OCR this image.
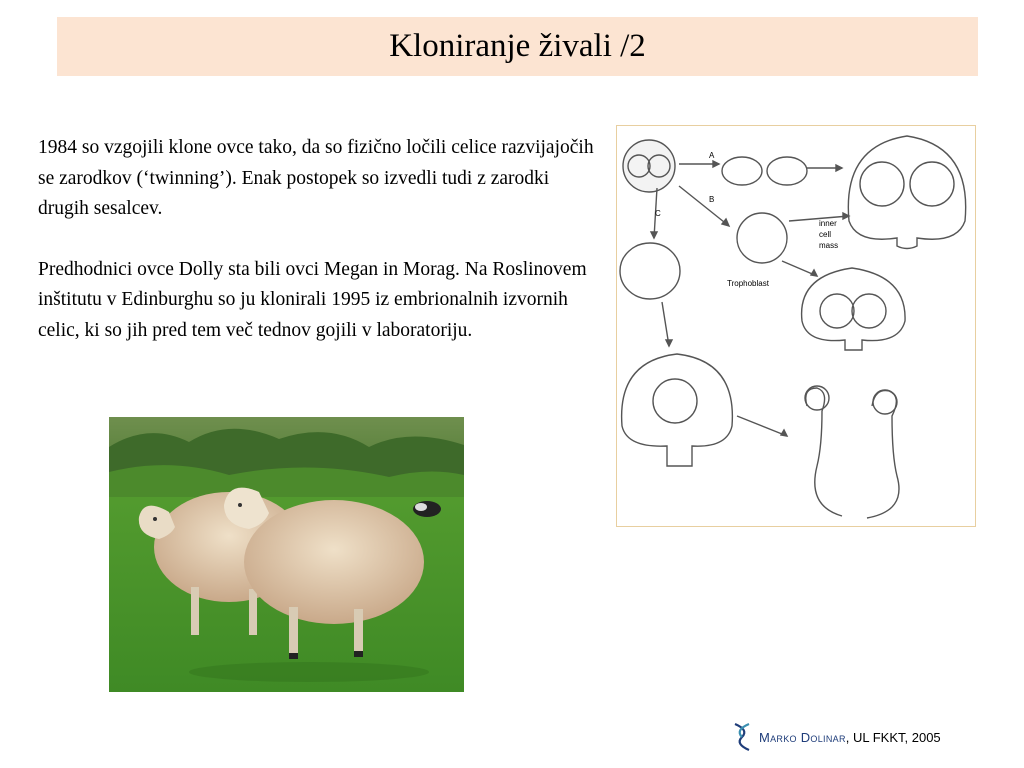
Kloniranje živali /2

1984 so vzgojili klone ovce tako, da so fizično ločili celice razvijajočih se zarodkov (‘twinning’). Enak postopek so izvedli tudi z zarodki drugih sesalcev.

Predhodnici ovce Dolly sta bili ovci Megan in Morag. Na Roslinovem inštitutu v Edinburghu so ju klonirali 1995 iz embrionalnih izvornih celic, ki so jih pred tem več tednov gojili v laboratoriju.

A
B
C
inner
cell
mass
Trophoblast
Marko Dolinar, UL FKKT, 2005
